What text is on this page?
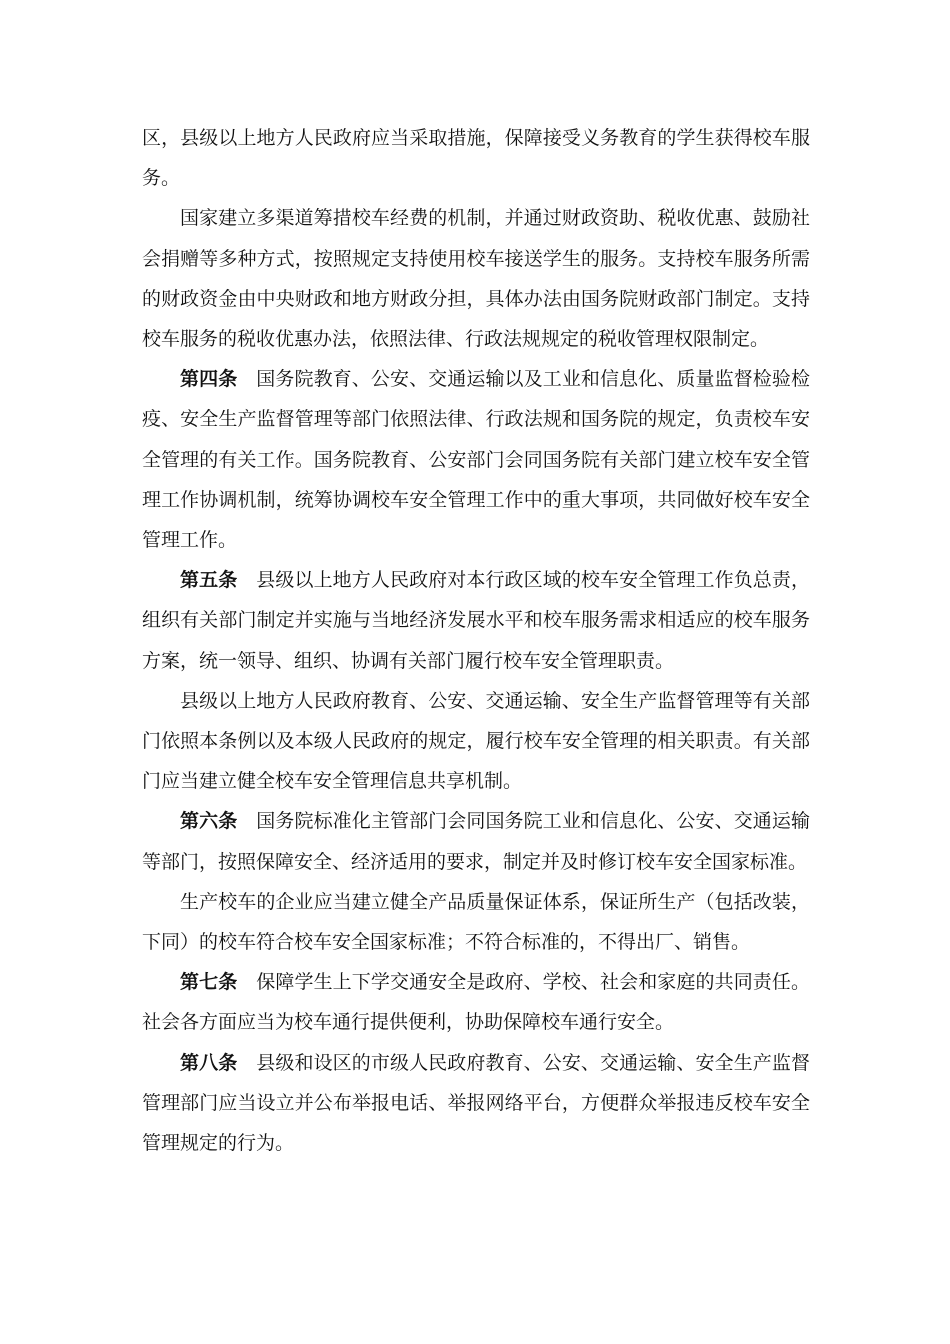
区，县级以上地方人民政府应当采取措施，保障接受义务教育的学生获得校车服务。

国家建立多渠道筹措校车经费的机制，并通过财政资助、税收优惠、鼓励社会捐赠等多种方式，按照规定支持使用校车接送学生的服务。支持校车服务所需的财政资金由中央财政和地方财政分担，具体办法由国务院财政部门制定。支持校车服务的税收优惠办法，依照法律、行政法规规定的税收管理权限制定。

第四条 国务院教育、公安、交通运输以及工业和信息化、质量监督检验检疫、安全生产监督管理等部门依照法律、行政法规和国务院的规定，负责校车安全管理的有关工作。国务院教育、公安部门会同国务院有关部门建立校车安全管理工作协调机制，统筹协调校车安全管理工作中的重大事项，共同做好校车安全管理工作。

第五条 县级以上地方人民政府对本行政区域的校车安全管理工作负总责，组织有关部门制定并实施与当地经济发展水平和校车服务需求相适应的校车服务方案，统一领导、组织、协调有关部门履行校车安全管理职责。

县级以上地方人民政府教育、公安、交通运输、安全生产监督管理等有关部门依照本条例以及本级人民政府的规定，履行校车安全管理的相关职责。有关部门应当建立健全校车安全管理信息共享机制。

第六条 国务院标准化主管部门会同国务院工业和信息化、公安、交通运输等部门，按照保障安全、经济适用的要求，制定并及时修订校车安全国家标准。

生产校车的企业应当建立健全产品质量保证体系，保证所生产（包括改装，下同）的校车符合校车安全国家标准；不符合标准的，不得出厂、销售。

第七条 保障学生上下学交通安全是政府、学校、社会和家庭的共同责任。社会各方面应当为校车通行提供便利，协助保障校车通行安全。

第八条 县级和设区的市级人民政府教育、公安、交通运输、安全生产监督管理部门应当设立并公布举报电话、举报网络平台，方便群众举报违反校车安全管理规定的行为。
